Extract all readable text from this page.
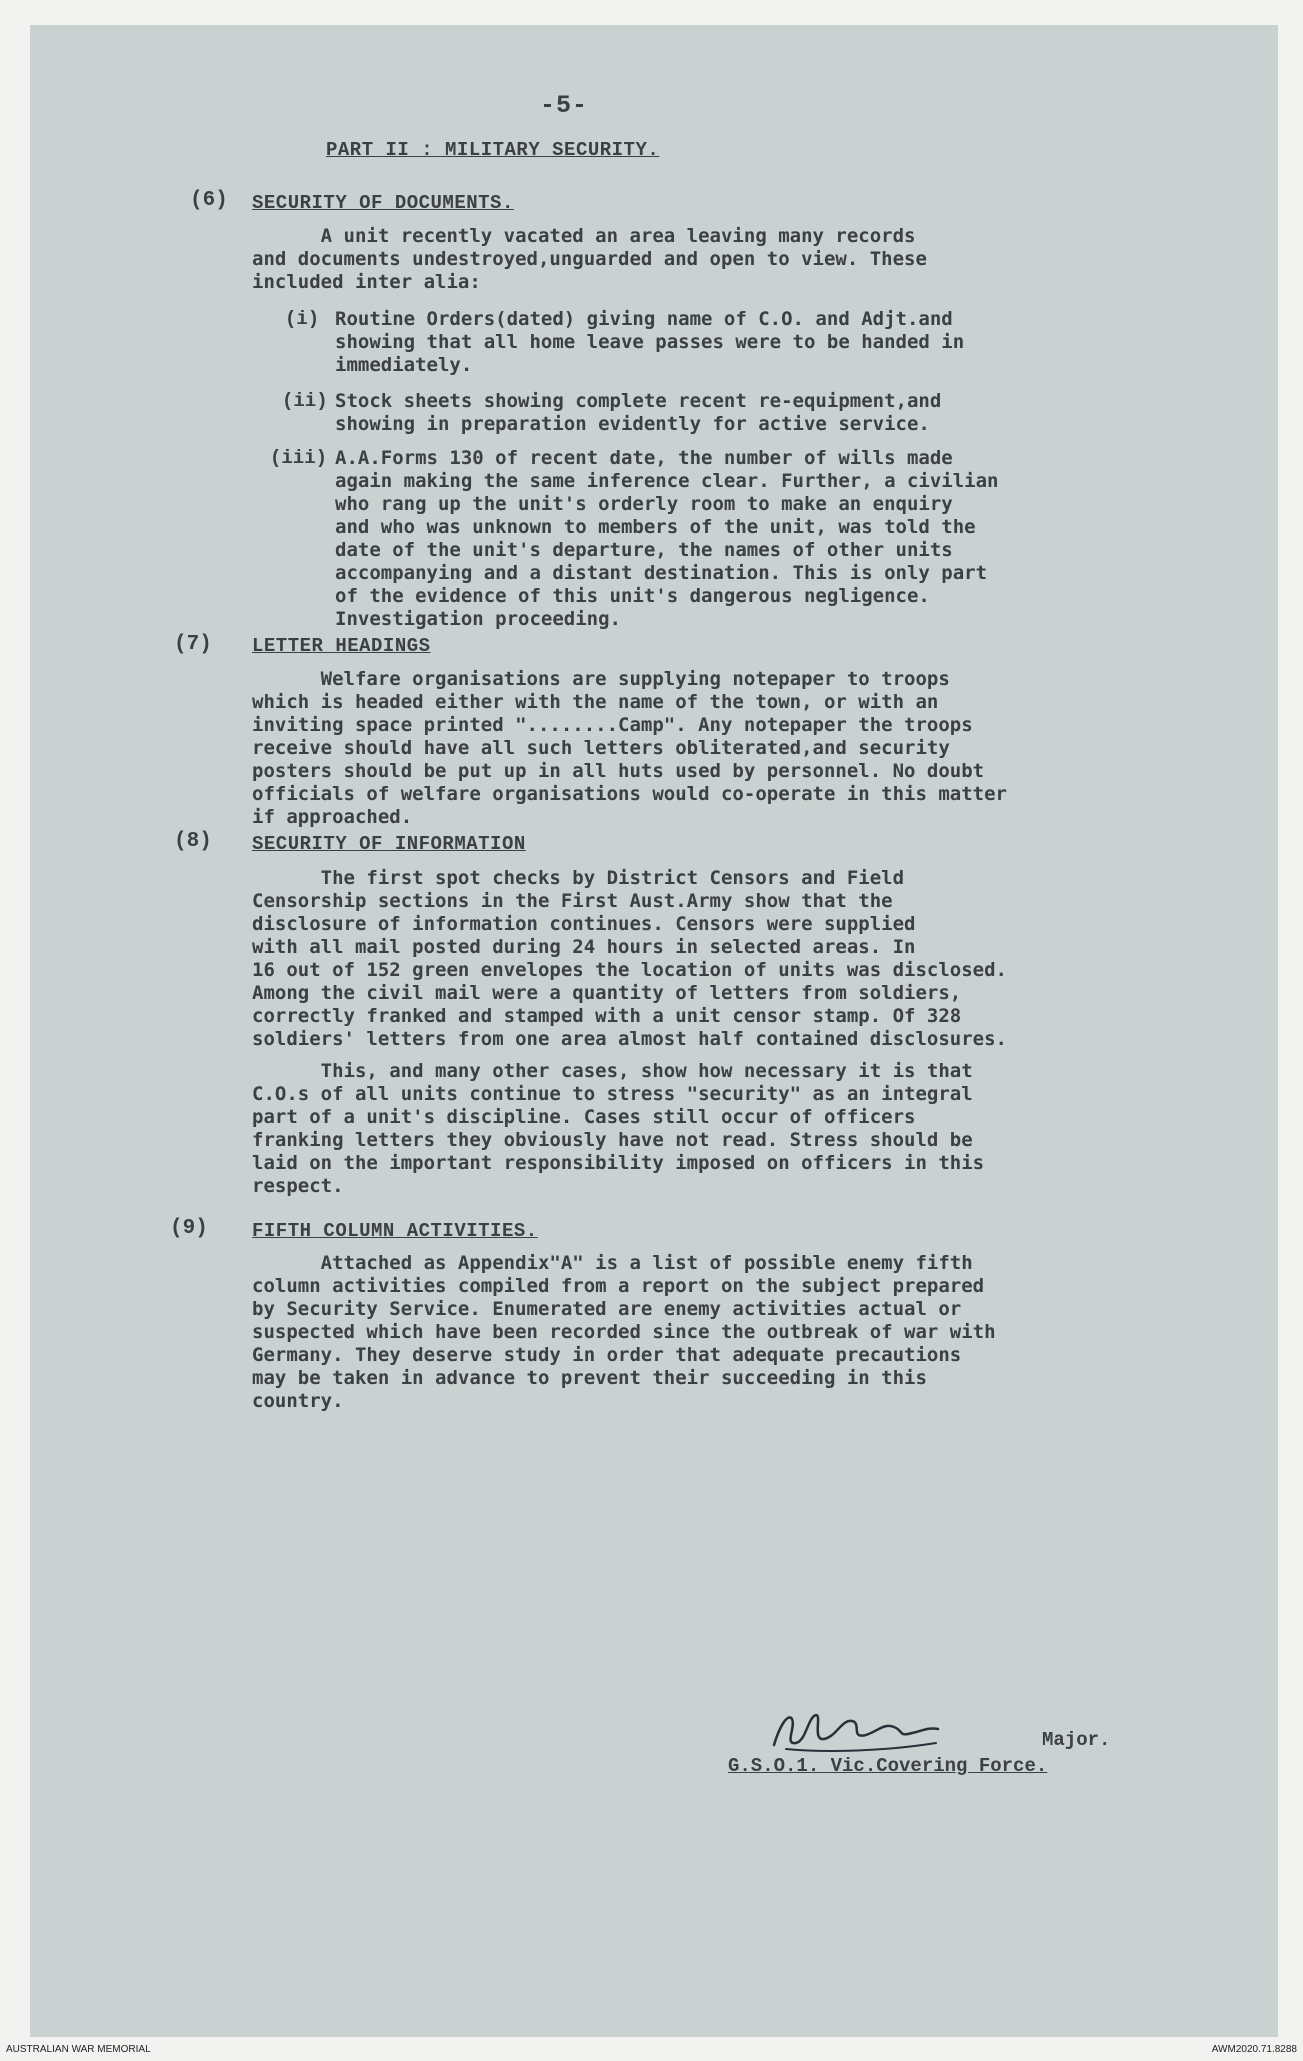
-5-
PART II : MILITARY SECURITY.
(6) SECURITY OF DOCUMENTS.
A unit recently vacated an area leaving many records
and documents undestroyed,unguarded and open to view. These
included inter alia:
(i) Routine Orders(dated) giving name of C.O. and Adjt.and
showing that all home leave passes were to be handed in
immediately.
(ii) Stock sheets showing complete recent re-equipment,and
showing in preparation evidently for active service.
(iii) A.A.Forms 130 of recent date, the number of wills made
again making the same inference clear. Further, a civilian
who rang up the unit's orderly room to make an enquiry
and who was unknown to members of the unit, was told the
date of the unit's departure, the names of other units
accompanying and a distant destination. This is only part
of the evidence of this unit's dangerous negligence.
Investigation proceeding.
(7) LETTER HEADINGS
Welfare organisations are supplying notepaper to troops
which is headed either with the name of the town, or with an
inviting space printed "........Camp". Any notepaper the troops
receive should have all such letters obliterated,and security
posters should be put up in all huts used by personnel. No doubt
officials of welfare organisations would co-operate in this matter
if approached.
(8) SECURITY OF INFORMATION
The first spot checks by District Censors and Field
Censorship sections in the First Aust.Army show that the
disclosure of information continues. Censors were supplied
with all mail posted during 24 hours in selected areas. In
16 out of 152 green envelopes the location of units was disclosed.
Among the civil mail were a quantity of letters from soldiers,
correctly franked and stamped with a unit censor stamp. Of 328
soldiers' letters from one area almost half contained disclosures.
This, and many other cases, show how necessary it is that
C.O.s of all units continue to stress "security" as an integral
part of a unit's discipline. Cases still occur of officers
franking letters they obviously have not read. Stress should be
laid on the important responsibility imposed on officers in this
respect.
(9) FIFTH COLUMN ACTIVITIES.
Attached as Appendix"A" is a list of possible enemy fifth
column activities compiled from a report on the subject prepared
by Security Service. Enumerated are enemy activities actual or
suspected which have been recorded since the outbreak of war with
Germany. They deserve study in order that adequate precautions
may be taken in advance to prevent their succeeding in this
country.
Major.
G.S.O.1. Vic.Covering Force.
AUSTRALIAN WAR MEMORIAL	AWM2020.71.8288
